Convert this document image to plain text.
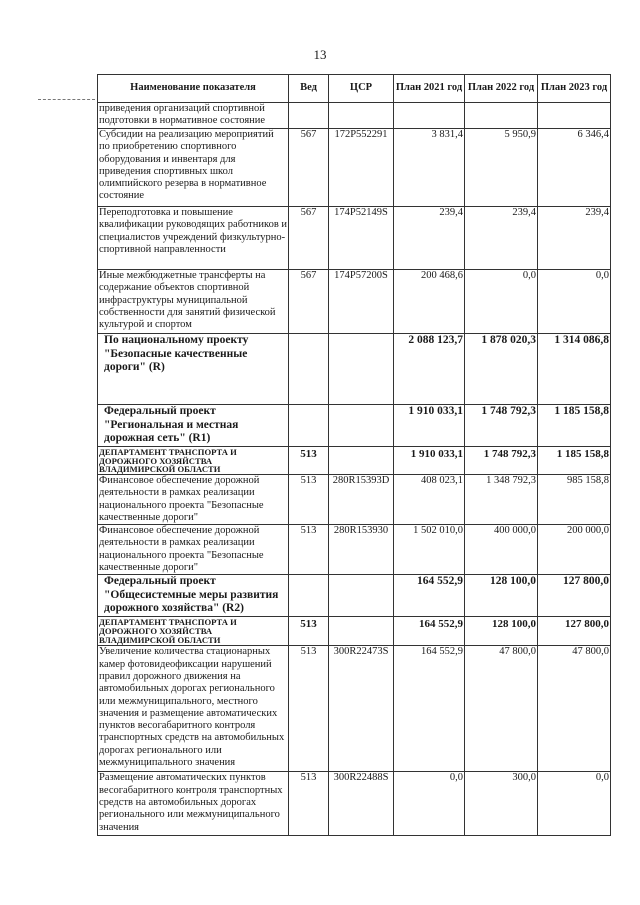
13
Наименование показателя	Вед	ЦСР	План 2021 год	План 2022 год	План 2023 год
приведения организаций спортивной подготовки в нормативное состояние					
Субсидии на реализацию мероприятий по приобретению спортивного оборудования и инвентаря для приведения спортивных школ олимпийского резерва в нормативное состояние	567	172P552291	3 831,4	5 950,9	6 346,4
Переподготовка и повышение квалификации руководящих работников и специалистов учреждений физкультурно-спортивной направленности	567	174P52149S	239,4	239,4	239,4
Иные межбюджетные трансферты на содержание объектов спортивной инфраструктуры муниципальной собственности для занятий физической культурой и спортом	567	174P57200S	200 468,6	0,0	0,0
По национальному проекту "Безопасные качественные дороги" (R)			2 088 123,7	1 878 020,3	1 314 086,8
Федеральный проект "Региональная и местная дорожная сеть" (R1)			1 910 033,1	1 748 792,3	1 185 158,8
ДЕПАРТАМЕНТ ТРАНСПОРТА И ДОРОЖНОГО ХОЗЯЙСТВА ВЛАДИМИРСКОЙ ОБЛАСТИ	513		1 910 033,1	1 748 792,3	1 185 158,8
Финансовое обеспечение дорожной деятельности в рамках реализации национального проекта "Безопасные качественные дороги"	513	280R15393D	408 023,1	1 348 792,3	985 158,8
Финансовое обеспечение дорожной деятельности в рамках реализации национального проекта "Безопасные качественные дороги"	513	280R153930	1 502 010,0	400 000,0	200 000,0
Федеральный проект "Общесистемные меры развития дорожного хозяйства" (R2)			164 552,9	128 100,0	127 800,0
ДЕПАРТАМЕНТ ТРАНСПОРТА И ДОРОЖНОГО ХОЗЯЙСТВА ВЛАДИМИРСКОЙ ОБЛАСТИ	513		164 552,9	128 100,0	127 800,0
Увеличение количества стационарных камер фотовидеофиксации нарушений правил дорожного движения на автомобильных дорогах регионального или межмуниципального, местного значения и размещение автоматических пунктов весогабаритного контроля транспортных средств на автомобильных дорогах регионального или межмуниципального значения	513	300R22473S	164 552,9	47 800,0	47 800,0
Размещение автоматических пунктов весогабаритного контроля транспортных средств на автомобильных дорогах регионального или межмуниципального значения	513	300R22488S	0,0	300,0	0,0
